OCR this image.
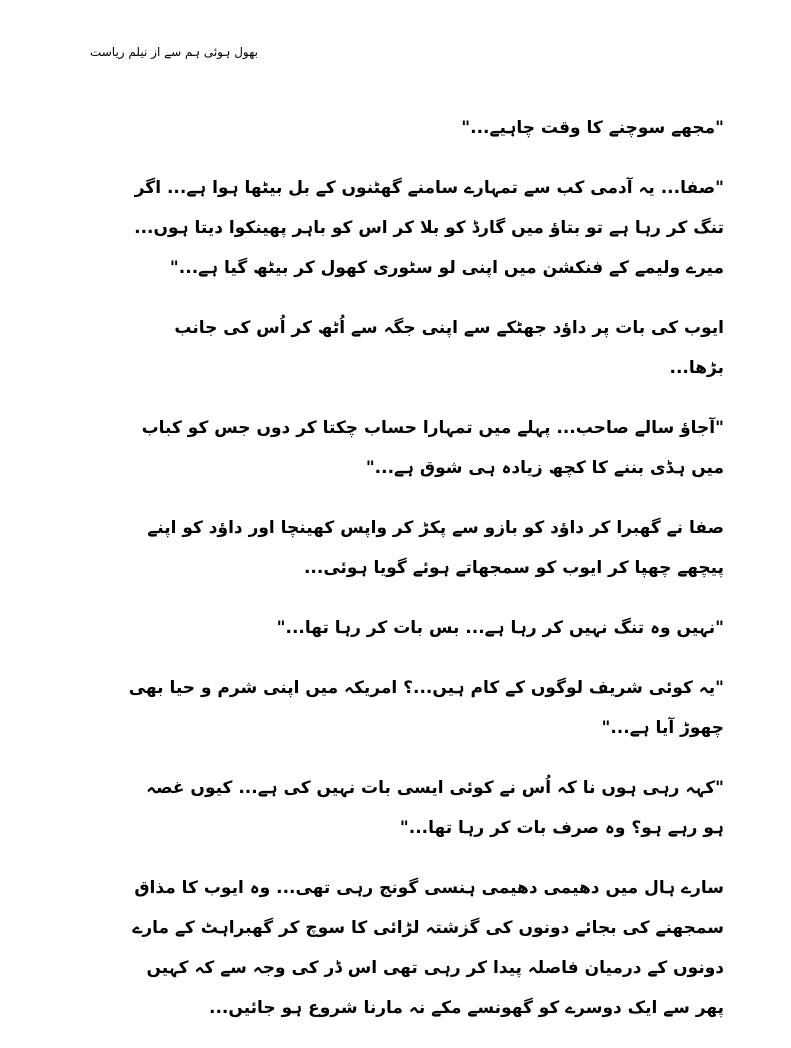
بھول ہوئی ہم سے از نیلم ریاست

"مجھے سوچنے کا وقت چاہیے..."

"صفا... یہ آدمی کب سے تمہارے سامنے گھٹنوں کے بل بیٹھا ہوا ہے... اگر تنگ کر رہا ہے تو بتاؤ میں گارڈ کو بلا کر اس کو باہر پھینکوا دیتا ہوں... میرے ولیمے کے فنکشن میں اپنی لو سٹوری کھول کر بیٹھ گیا ہے..."

ایوب کی بات پر داؤد جھٹکے سے اپنی جگہ سے اُٹھ کر اُس کی جانب بڑھا...

"آجاؤ سالے صاحب... پہلے میں تمہارا حساب چکتا کر دوں جس کو کباب میں ہڈی بننے کا کچھ زیادہ ہی شوق ہے..."

صفا نے گھبرا کر داؤد کو بازو سے پکڑ کر واپس کھینچا اور داؤد کو اپنے پیچھے چھپا کر ایوب کو سمجھاتے ہوئے گویا ہوئی...

"نہیں وہ تنگ نہیں کر رہا ہے... بس بات کر رہا تھا..."

"یہ کوئی شریف لوگوں کے کام ہیں...؟ امریکہ میں اپنی شرم و حیا بھی چھوڑ آیا ہے..."

"کہہ رہی ہوں نا کہ اُس نے کوئی ایسی بات نہیں کی ہے... کیوں غصہ ہو رہے ہو؟ وہ صرف بات کر رہا تھا..."

سارے ہال میں دھیمی دھیمی ہنسی گونج رہی تھی... وہ ایوب کا مذاق سمجھنے کی بجائے دونوں کی گزشتہ لڑائی کا سوچ کر گھبراہٹ کے مارے دونوں کے درمیان فاصلہ پیدا کر رہی تھی اس ڈر کی وجہ سے کہ کہیں پھر سے ایک دوسرے کو گھونسے مکے نہ مارنا شروع ہو جائیں...
